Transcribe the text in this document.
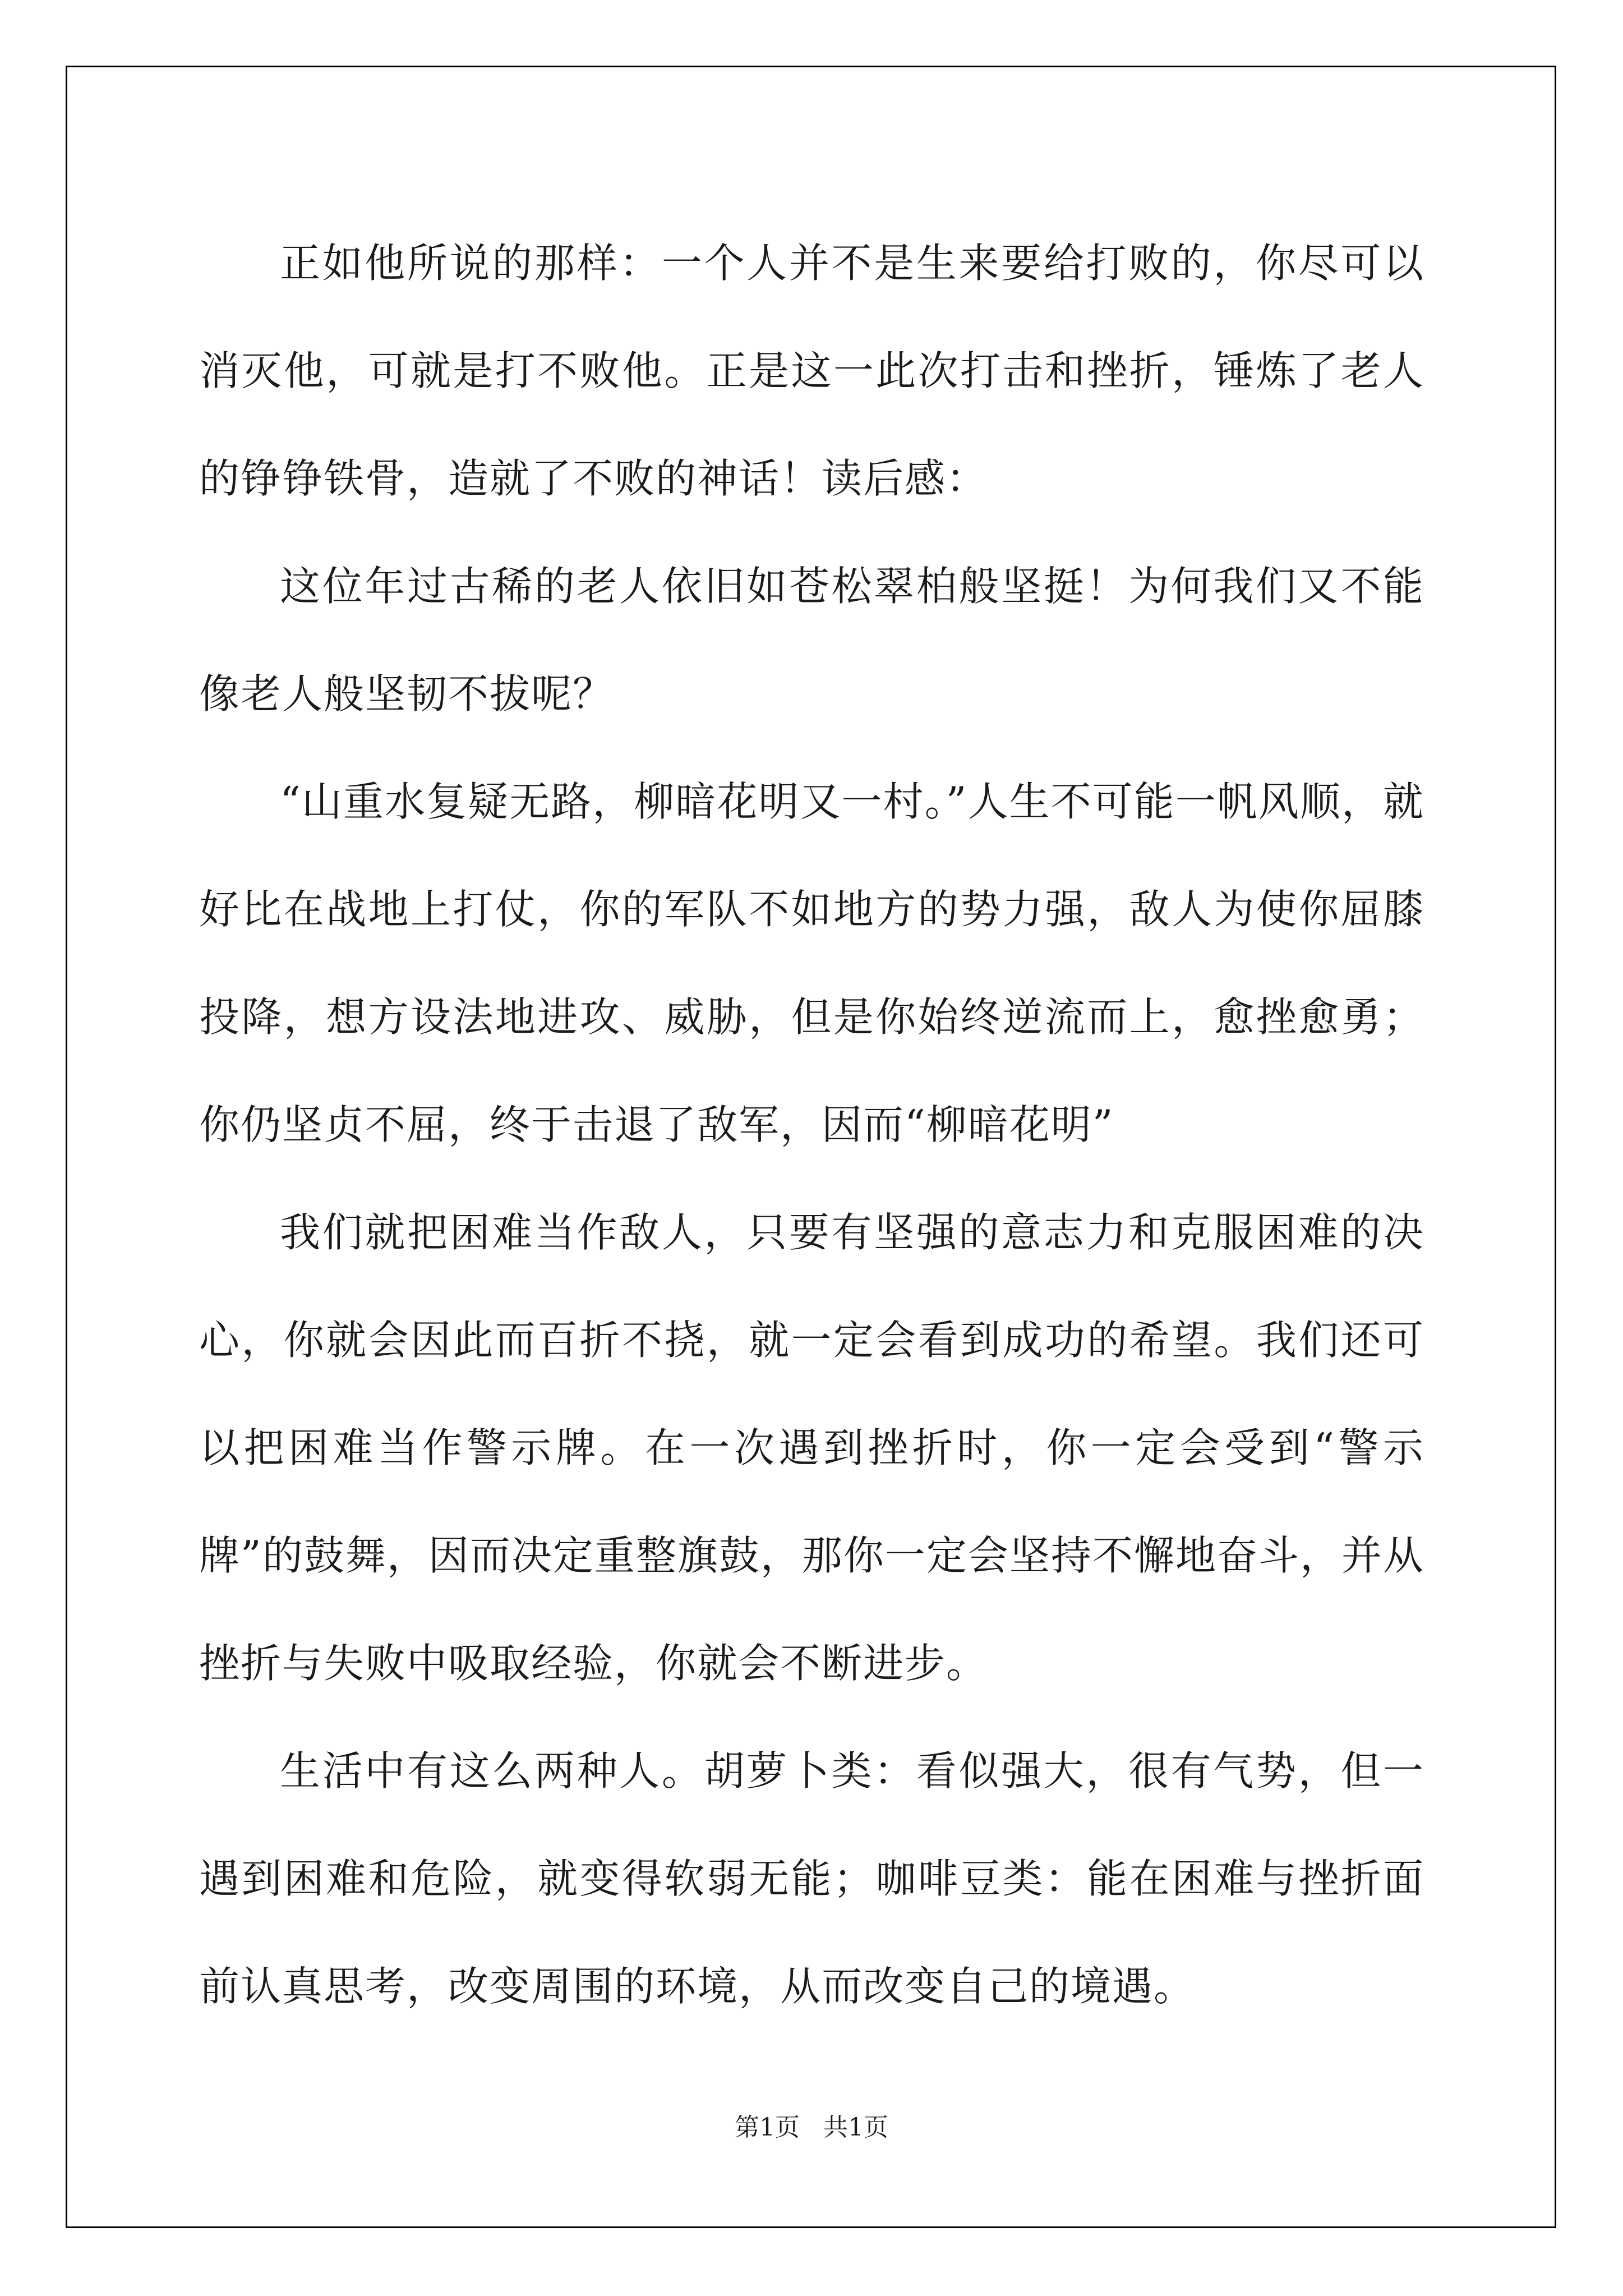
正如他所说的那样：一个人并不是生来要给打败的，你尽可以消灭他，可就是打不败他。正是这一此次打击和挫折，锤炼了老人的铮铮铁骨，造就了不败的神话！读后感：

这位年过古稀的老人依旧如苍松翠柏般坚挺！为何我们又不能像老人般坚韧不拔呢？

“山重水复疑无路，柳暗花明又一村。”人生不可能一帆风顺，就好比在战地上打仗，你的军队不如地方的势力强，敌人为使你屈膝投降，想方设法地进攻、威胁，但是你始终逆流而上，愈挫愈勇；你仍坚贞不屈，终于击退了敌军，因而“柳暗花明”

我们就把困难当作敌人，只要有坚强的意志力和克服困难的决心，你就会因此而百折不挠，就一定会看到成功的希望。我们还可以把困难当作警示牌。在一次遇到挫折时，你一定会受到“警示牌”的鼓舞，因而决定重整旗鼓，那你一定会坚持不懈地奋斗，并从挫折与失败中吸取经验，你就会不断进步。

生活中有这么两种人。胡萝卜类：看似强大，很有气势，但一遇到困难和危险，就变得软弱无能；咖啡豆类：能在困难与挫折面前认真思考，改变周围的环境，从而改变自己的境遇。

第1页 共1页
